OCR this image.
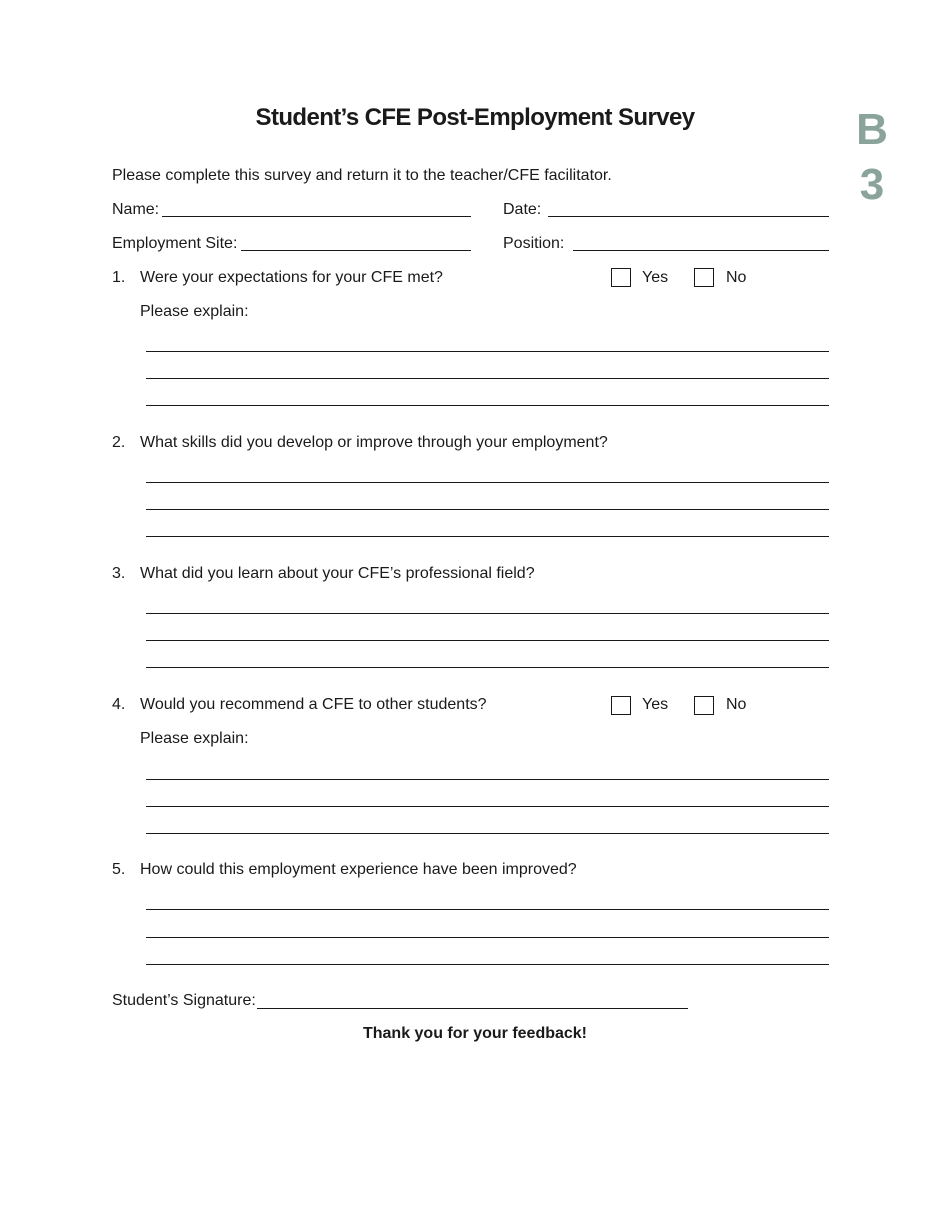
Student’s CFE Post-Employment Survey	B
3
Please complete this survey and return it to the teacher/CFE facilitator.
Name:	Date:
Employment Site:	Position:
1. Were your expectations for your CFE met?	Yes	No
Please explain:
2. What skills did you develop or improve through your employment?
3. What did you learn about your CFE’s professional field?
4. Would you recommend a CFE to other students?	Yes	No
Please explain:
5. How could this employment experience have been improved?
Student’s Signature:
Thank you for your feedback!
